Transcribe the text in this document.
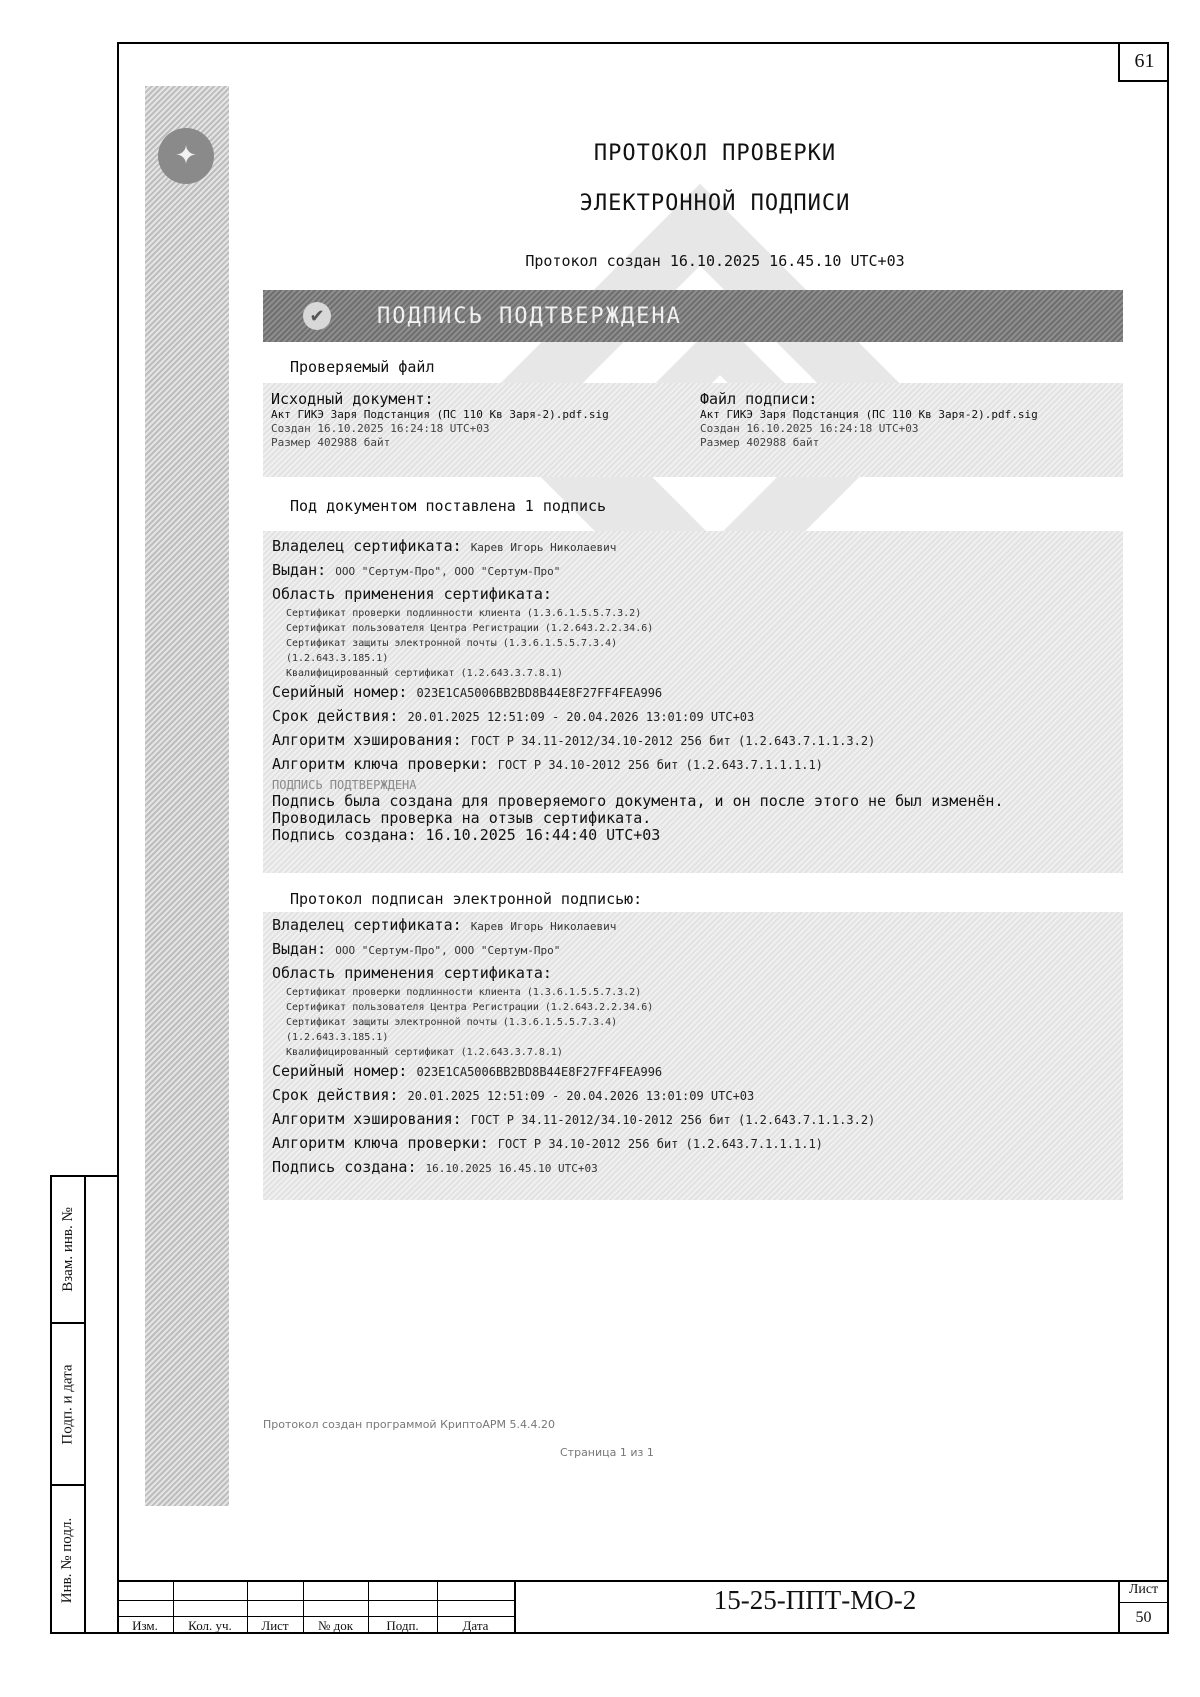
61
Взам. инв. №
Подп. и дата
Инв. № подл.
✦	ПРОТОКОЛ ПРОВЕРКИ
ЭЛЕКТРОННОЙ ПОДПИСИ
Протокол создан 16.10.2025 16.45.10 UTC+03
✔ ПОДПИСЬ ПОДТВЕРЖДЕНА
Проверяемый файл
Исходный документ:
Акт ГИКЭ Заря Подстанция (ПС 110 Кв Заря-2).pdf.sig
Создан 16.10.2025 16:24:18 UTC+03
Размер 402988 байт
Файл подписи:
Акт ГИКЭ Заря Подстанция (ПС 110 Кв Заря-2).pdf.sig
Создан 16.10.2025 16:24:18 UTC+03
Размер 402988 байт
Под документом поставлена 1 подпись
Владелец сертификата: Карев Игорь Николаевич
Выдан: ООО "Сертум-Про", ООО "Сертум-Про"
Область применения сертификата:
Сертификат проверки подлинности клиента (1.3.6.1.5.5.7.3.2)
Сертификат пользователя Центра Регистрации (1.2.643.2.2.34.6)
Сертификат защиты электронной почты (1.3.6.1.5.5.7.3.4)
(1.2.643.3.185.1)
Квалифицированный сертификат (1.2.643.3.7.8.1)
Серийный номер: 023E1CA5006BB2BD8B44E8F27FF4FEA996
Срок действия: 20.01.2025 12:51:09 - 20.04.2026 13:01:09 UTC+03
Алгоритм хэширования: ГОСТ Р 34.11-2012/34.10-2012 256 бит (1.2.643.7.1.1.3.2)
Алгоритм ключа проверки: ГОСТ Р 34.10-2012 256 бит (1.2.643.7.1.1.1.1)
ПОДПИСЬ ПОДТВЕРЖДЕНА
Подпись была создана для проверяемого документа, и он после этого не был изменён.
Проводилась проверка на отзыв сертификата.
Подпись создана: 16.10.2025 16:44:40 UTC+03
Протокол подписан электронной подписью:
Владелец сертификата: Карев Игорь Николаевич
Выдан: ООО "Сертум-Про", ООО "Сертум-Про"
Область применения сертификата:
Сертификат проверки подлинности клиента (1.3.6.1.5.5.7.3.2)
Сертификат пользователя Центра Регистрации (1.2.643.2.2.34.6)
Сертификат защиты электронной почты (1.3.6.1.5.5.7.3.4)
(1.2.643.3.185.1)
Квалифицированный сертификат (1.2.643.3.7.8.1)
Серийный номер: 023E1CA5006BB2BD8B44E8F27FF4FEA996
Срок действия: 20.01.2025 12:51:09 - 20.04.2026 13:01:09 UTC+03
Алгоритм хэширования: ГОСТ Р 34.11-2012/34.10-2012 256 бит (1.2.643.7.1.1.3.2)
Алгоритм ключа проверки: ГОСТ Р 34.10-2012 256 бит (1.2.643.7.1.1.1.1)
Подпись создана: 16.10.2025 16.45.10 UTC+03
Протокол создан программой КриптоАРМ 5.4.4.20
Страница 1 из 1
Изм.	Кол. уч.	Лист	№ док	Подп.	Дата
15-25-ППТ-МО-2	Лист
50
